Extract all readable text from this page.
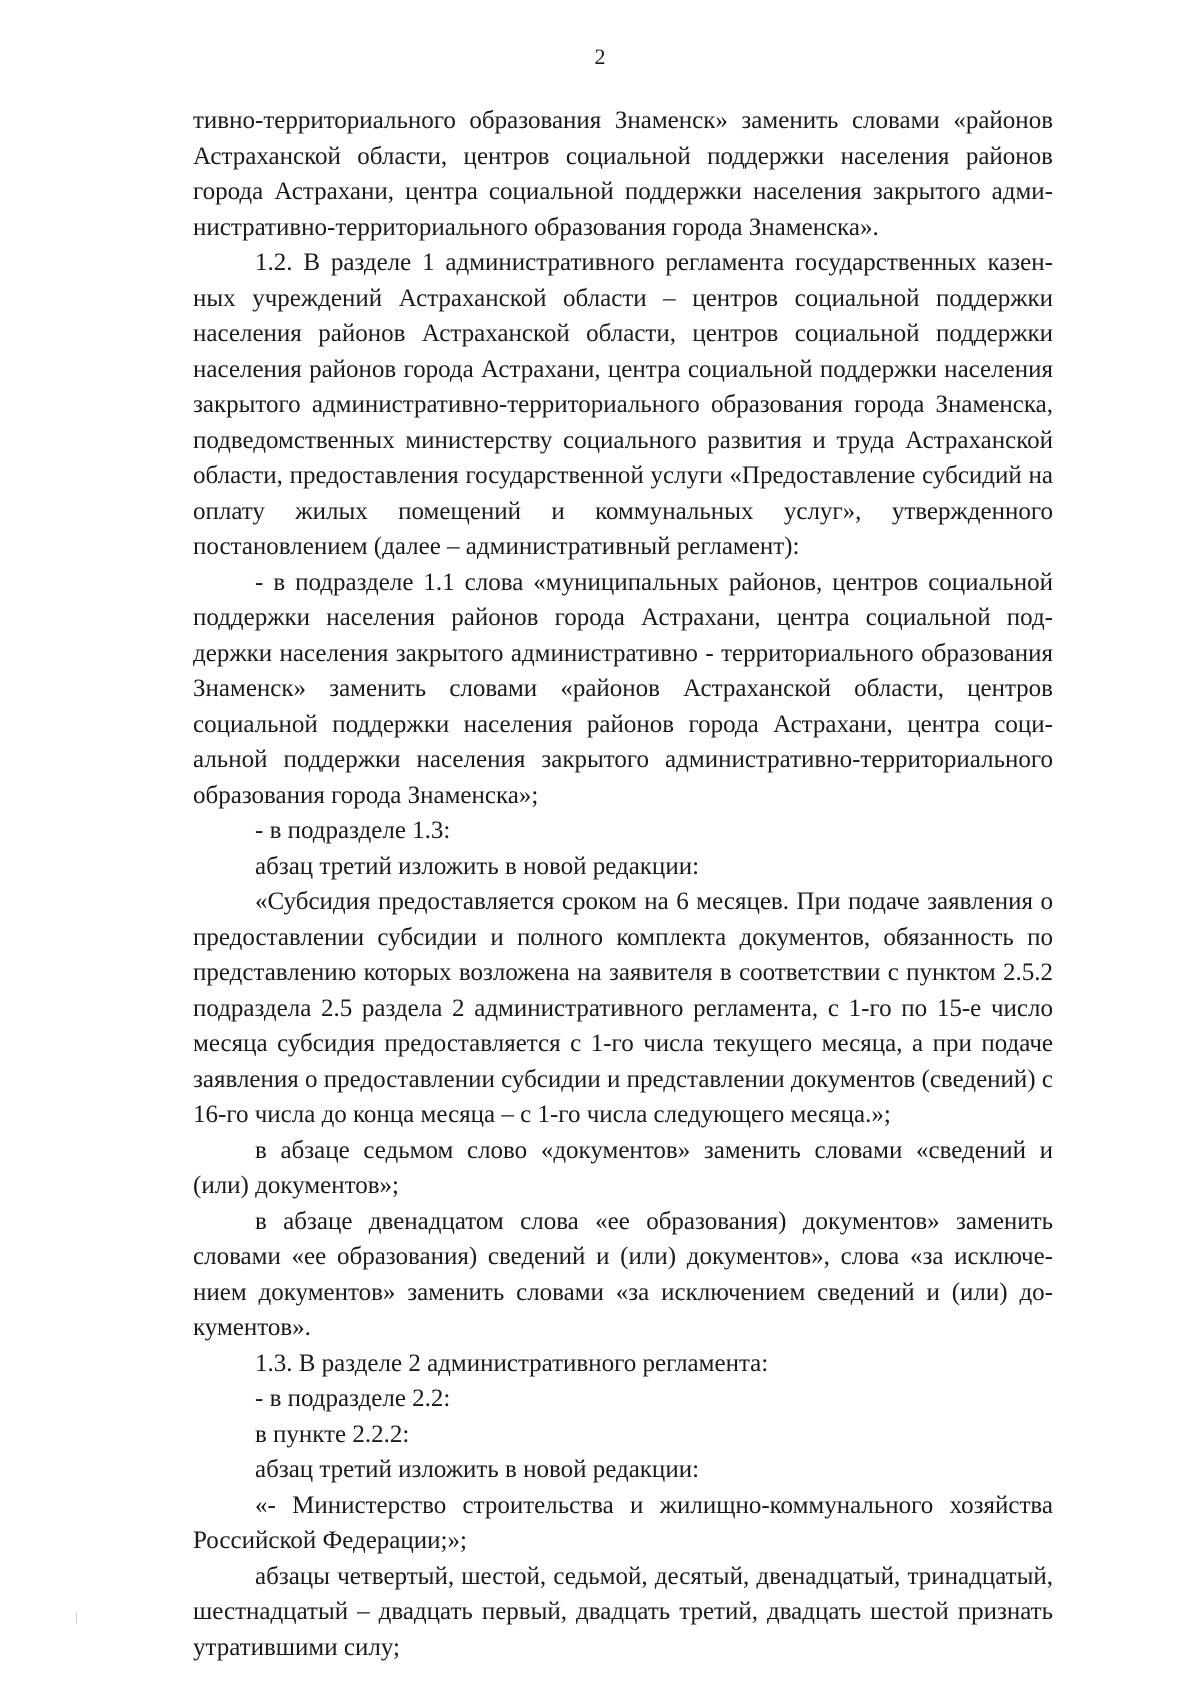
2

тивно-территориального образования Знаменск» заменить словами «районов Астраханской области, центров социальной поддержки населения районов города Астрахани, центра социальной поддержки населения закрытого административно-территориального образования города Знаменска».

1.2. В разделе 1 административного регламента государственных казенных учреждений Астраханской области – центров социальной поддержки населения районов Астраханской области, центров социальной поддержки населения районов города Астрахани, центра социальной поддержки населения закрытого административно-территориального образования города Знаменска, подведомственных министерству социального развития и труда Астраханской области, предоставления государственной услуги «Предоставление субсидий на оплату жилых помещений и коммунальных услуг», утвержденного постановлением (далее – административный регламент):

- в подразделе 1.1 слова «муниципальных районов, центров социальной поддержки населения районов города Астрахани, центра социальной поддержки населения закрытого административно - территориального образования Знаменск» заменить словами «районов Астраханской области, центров социальной поддержки населения районов города Астрахани, центра социальной поддержки населения закрытого административно-территориального образования города Знаменска»;

- в подразделе 1.3:

абзац третий изложить в новой редакции:

«Субсидия предоставляется сроком на 6 месяцев. При подаче заявления о предоставлении субсидии и полного комплекта документов, обязанность по представлению которых возложена на заявителя в соответствии с пунктом 2.5.2 подраздела 2.5 раздела 2 административного регламента, с 1-го по 15-е число месяца субсидия предоставляется с 1-го числа текущего месяца, а при подаче заявления о предоставлении субсидии и представлении документов (сведений) с 16-го числа до конца месяца – с 1-го числа следующего месяца.»;

в абзаце седьмом слово «документов» заменить словами «сведений и (или) документов»;

в абзаце двенадцатом слова «ее образования) документов» заменить словами «ее образования) сведений и (или) документов», слова «за исключением документов» заменить словами «за исключением сведений и (или) документов».

1.3. В разделе 2 административного регламента:

- в подразделе 2.2:

в пункте 2.2.2:

абзац третий изложить в новой редакции:

«- Министерство строительства и жилищно-коммунального хозяйства Российской Федерации;»;

абзацы четвертый, шестой, седьмой, десятый, двенадцатый, тринадцатый, шестнадцатый – двадцать первый, двадцать третий, двадцать шестой признать утратившими силу;
